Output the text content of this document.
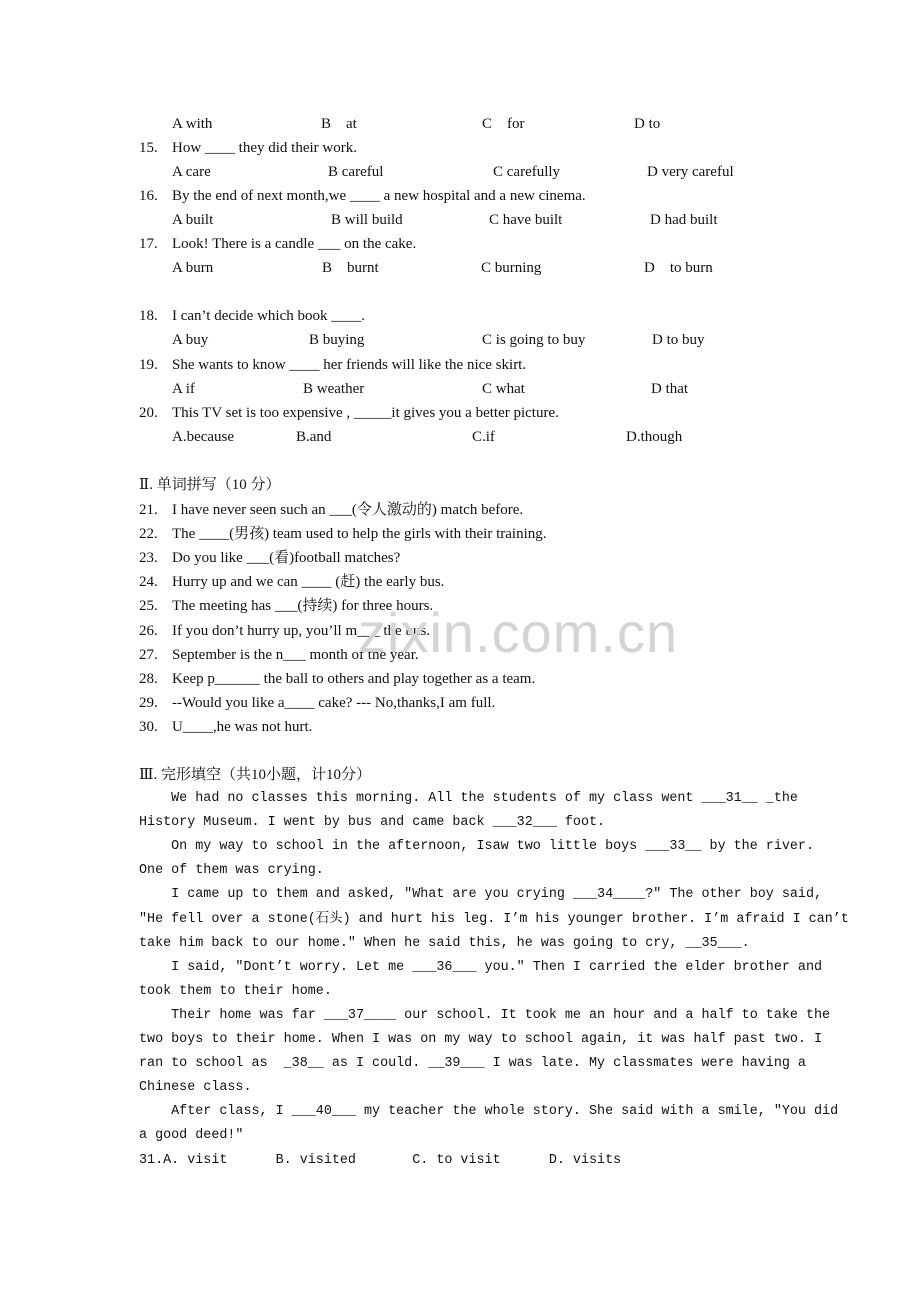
A with	B    at	C    for	D to
15. How ____ they did their work.
A care	B careful	C carefully	D very careful
16. By the end of next month,we ____ a new hospital and a new cinema.
A built	B will build	C have built	D had built
17. Look! There is a candle ___ on the cake.
A burn	B    burnt	C burning	D    to burn
18. I can’t decide which book ____.
A buy	B buying	C is going to buy	D to buy
19. She wants to know ____ her friends will like the nice skirt.
A if	B weather	C what	D that
20. This TV set is too expensive , _____it gives you a better picture.
A.because	B.and	C.if	D.though
Ⅱ. 单词拼写（10 分）
21. I have never seen such an ___(令人激动的) match before.
22. The ____(男孩) team used to help the girls with their training.
23. Do you like ___(看)football matches?
24. Hurry up and we can ____ (赶) the early bus.
25. The meeting has ___(持续) for three hours.
26. If you don’t hurry up, you’ll m___ the bus.
27. September is the n___ month of the year.
28. Keep p______ the ball to others and play together as a team.
29. --Would you like a____ cake? --- No,thanks,I am full.
30. U____,he was not hurt.
Ⅲ. 完形填空（共10小题，计10分）
We had no classes this morning. All the students of my class went ___31__ _the
History Museum. I went by bus and came back ___32___ foot.
On my way to school in the afternoon, Isaw two little boys ___33__ by the river.
One of them was crying.
I came up to them and asked, "What are you crying ___34____?" The other boy said,
"He fell over a stone(石头) and hurt his leg. I’m his younger brother. I’m afraid I can’t
take him back to our home." When he said this, he was going to cry, __35___.
I said, "Dont’t worry. Let me ___36___ you." Then I carried the elder brother and
took them to their home.
Their home was far ___37____ our school. It took me an hour and a half to take the
two boys to their home. When I was on my way to school again, it was half past two. I
ran to school as  _38__ as I could. __39___ I was late. My classmates were having a
Chinese class.
After class, I ___40___ my teacher the whole story. She said with a smile, "You did
a good deed!"
31.A. visit      B. visited       C. to visit      D. visits
zixin.com.cn
